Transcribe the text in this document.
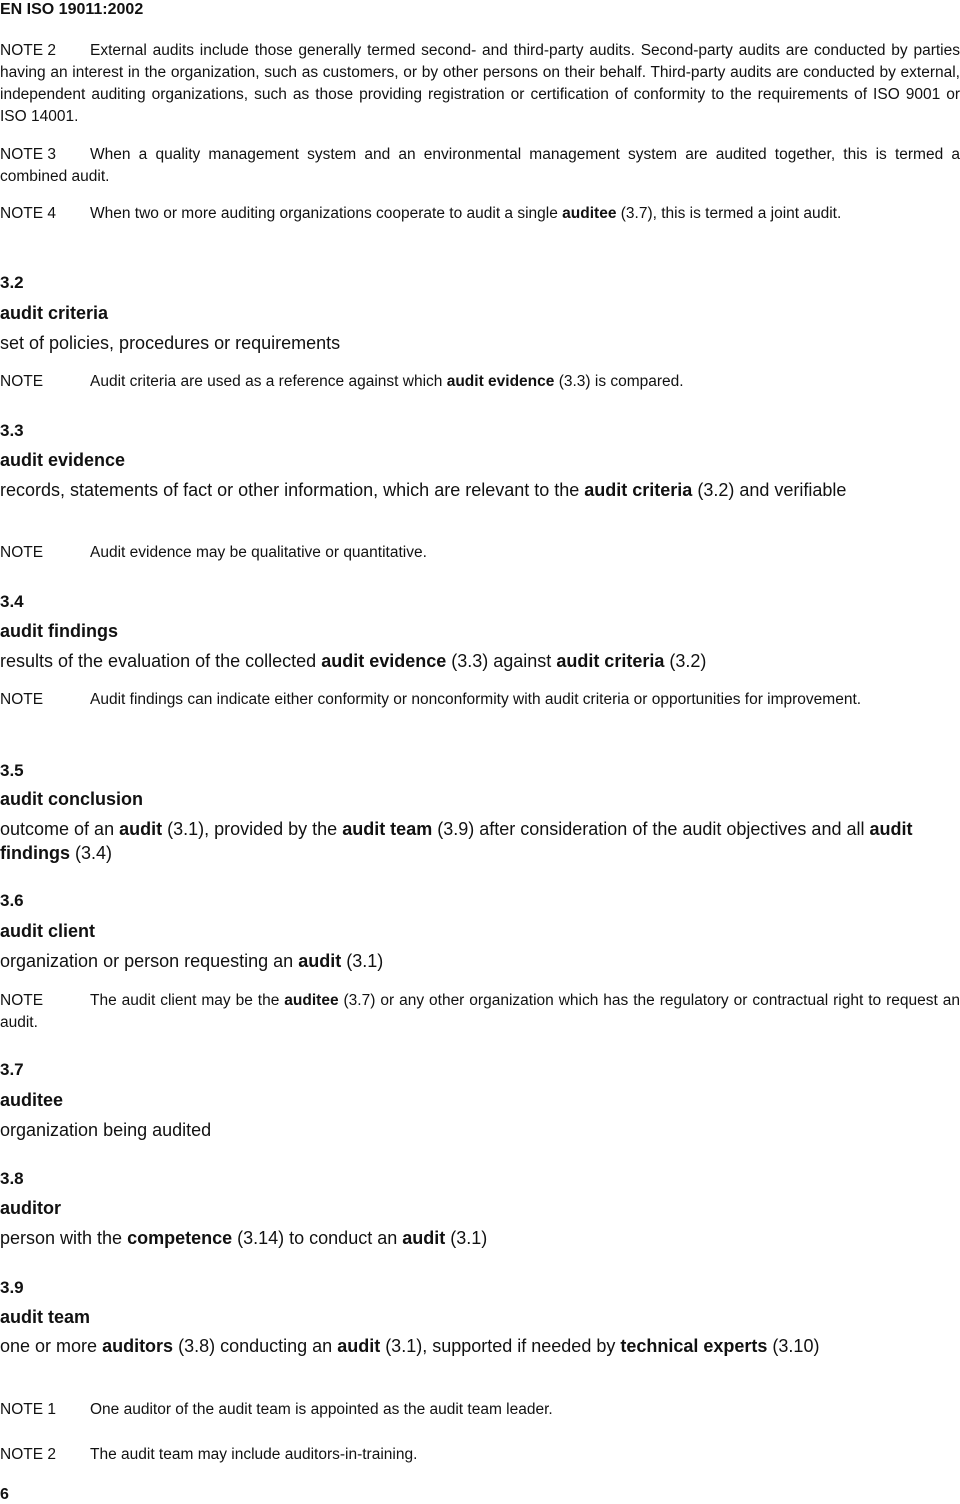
EN ISO 19011:2002
NOTE 2 External audits include those generally termed second- and third-party audits. Second-party audits are conducted by parties having an interest in the organization, such as customers, or by other persons on their behalf. Third-party audits are conducted by external, independent auditing organizations, such as those providing registration or certification of conformity to the requirements of ISO 9001 or ISO 14001.
NOTE 3 When a quality management system and an environmental management system are audited together, this is termed a combined audit.
NOTE 4 When two or more auditing organizations cooperate to audit a single auditee (3.7), this is termed a joint audit.
3.2
audit criteria
set of policies, procedures or requirements
NOTE	Audit criteria are used as a reference against which audit evidence (3.3) is compared.
3.3
audit evidence
records, statements of fact or other information, which are relevant to the audit criteria (3.2) and verifiable
NOTE	Audit evidence may be qualitative or quantitative.
3.4
audit findings
results of the evaluation of the collected audit evidence (3.3) against audit criteria (3.2)
NOTE	Audit findings can indicate either conformity or nonconformity with audit criteria or opportunities for improvement.
3.5
audit conclusion
outcome of an audit (3.1), provided by the audit team (3.9) after consideration of the audit objectives and all audit findings (3.4)
3.6
audit client
organization or person requesting an audit (3.1)
NOTE	The audit client may be the auditee (3.7) or any other organization which has the regulatory or contractual right to request an audit.
3.7
auditee
organization being audited
3.8
auditor
person with the competence (3.14) to conduct an audit (3.1)
3.9
audit team
one or more auditors (3.8) conducting an audit (3.1), supported if needed by technical experts (3.10)
NOTE 1 One auditor of the audit team is appointed as the audit team leader.
NOTE 2 The audit team may include auditors-in-training.
6
